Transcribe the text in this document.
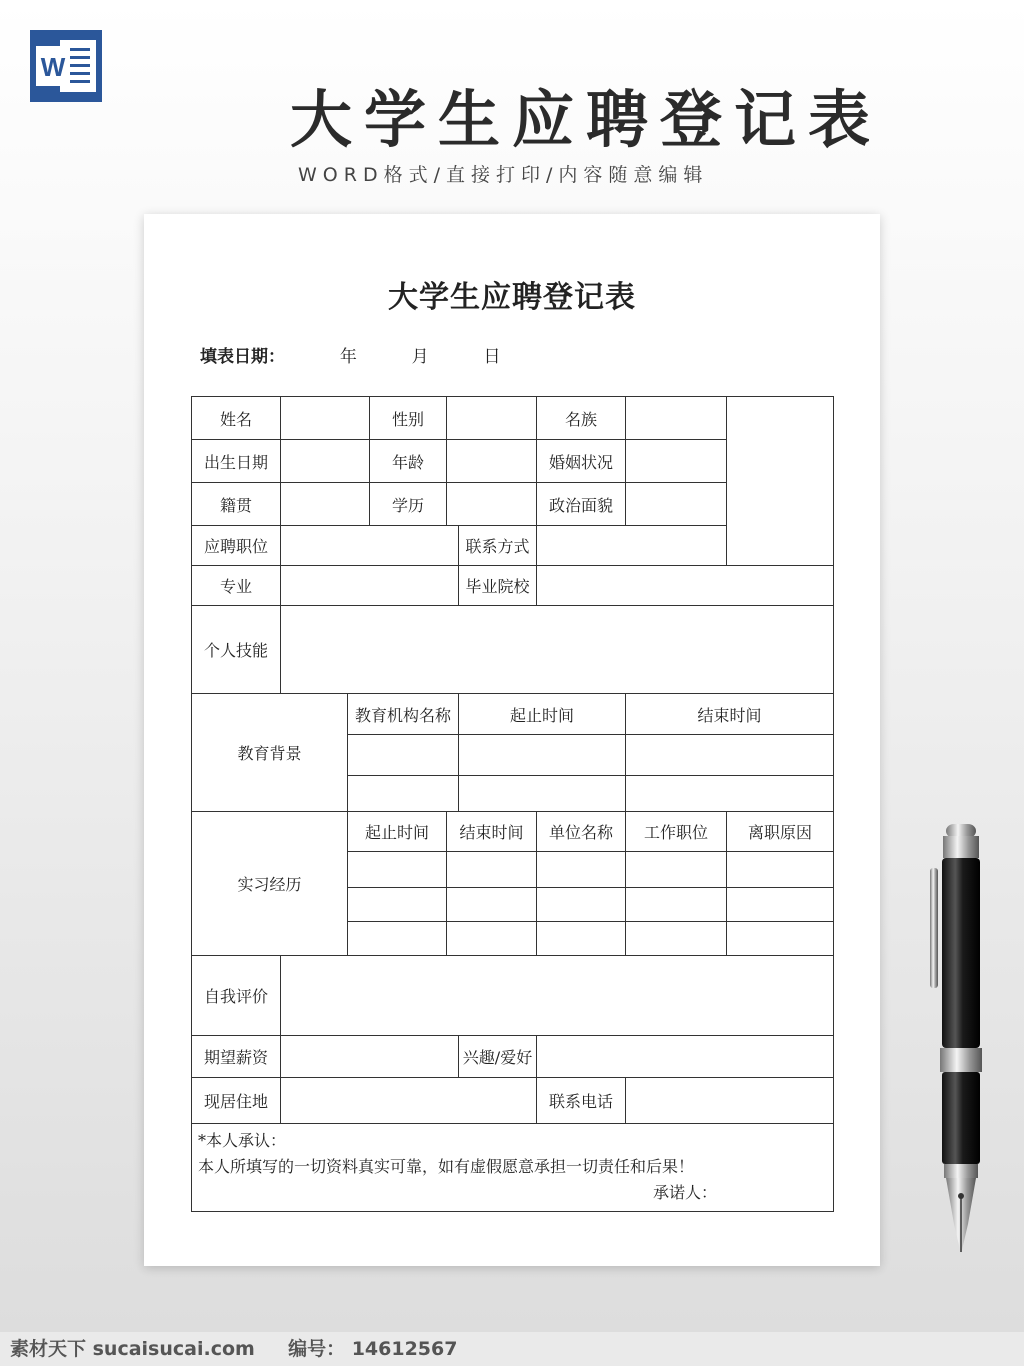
W
大学生应聘登记表
WORD格式/直接打印/内容随意编辑
大学生应聘登记表
填表日期：	年	月	日
姓名			性别			名族		
出生日期			年龄			婚姻状况		
籍贯			学历			政治面貌		
应聘职位					联系方式			
专业					毕业院校			
个人技能								
教育背景		教育机构名称			起止时间		结束时间	

实习经历		起止时间		结束时间		单位名称	工作职位	离职原因

自我评价								
期望薪资					兴趣/爱好			
现居住地						联系电话		

*本人承认：
本人所填写的一切资料真实可靠，如有虚假愿意承担一切责任和后果！
承诺人：								
素材天下 sucaisucai.com 编号： 14612567
